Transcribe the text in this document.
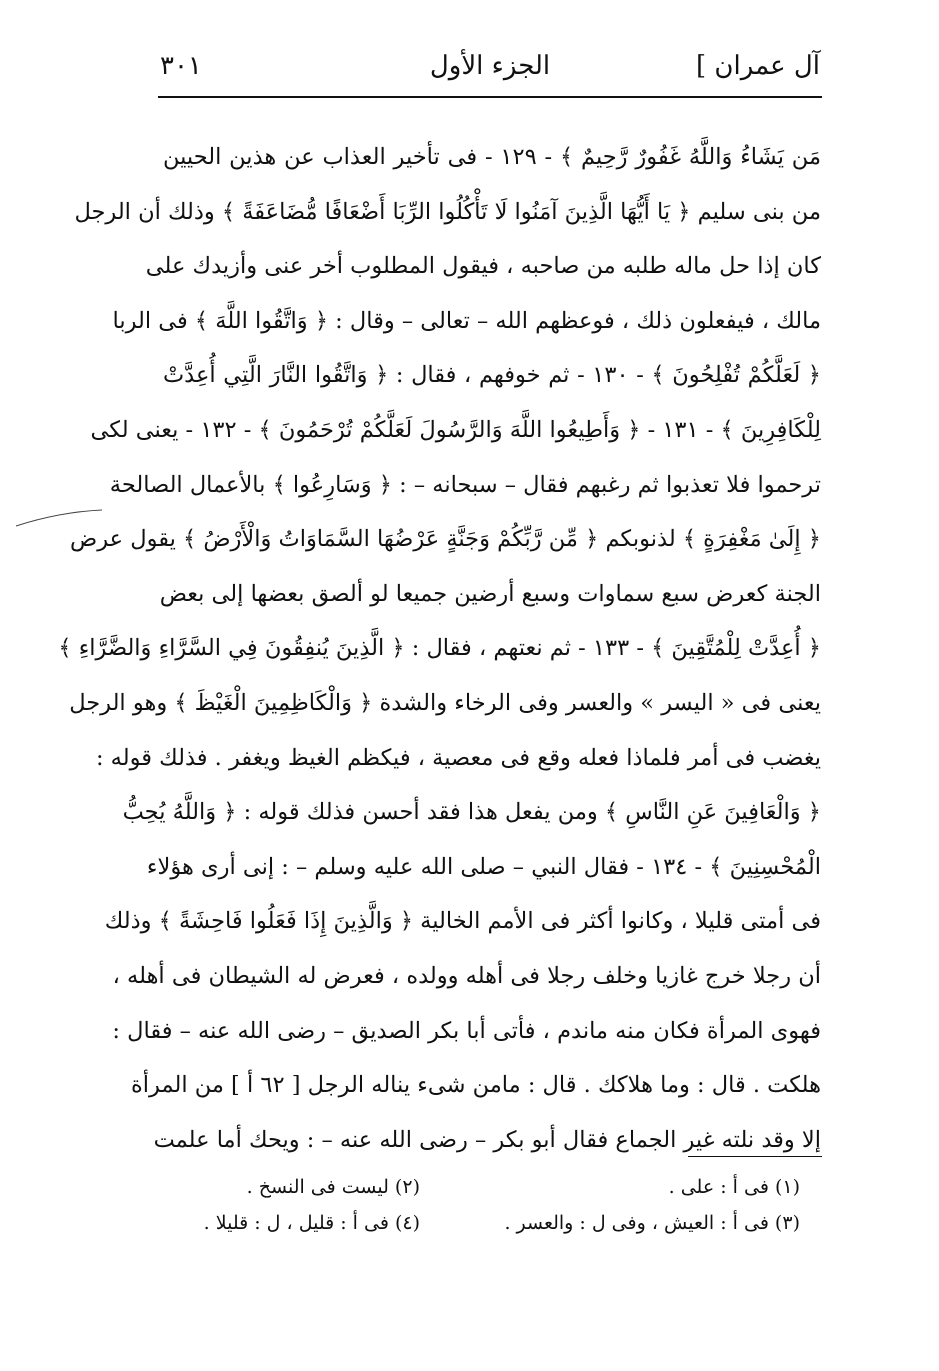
آل عمران ]
الجزء الأول
٣٠١
مَن يَشَاءُ وَاللَّهُ غَفُورٌ رَّحِيمٌ ﴾ - ١٢٩ - فى تأخير العذاب عن هذين الحيين
من بنى سليم ﴿ يَا أَيُّهَا الَّذِينَ آمَنُوا لَا تَأْكُلُوا الرِّبَا أَضْعَافًا مُّضَاعَفَةً ﴾ وذلك أن الرجل
كان إذا حل ماله طلبه من صاحبه ، فيقول المطلوب أخر عنى وأزيدك على
مالك ، فيفعلون ذلك ، فوعظهم الله – تعالى – وقال : ﴿ وَاتَّقُوا اللَّهَ ﴾ فى الربا
﴿ لَعَلَّكُمْ تُفْلِحُونَ ﴾ - ١٣٠ - ثم خوفهم ، فقال : ﴿ وَاتَّقُوا النَّارَ الَّتِي أُعِدَّتْ
لِلْكَافِرِينَ ﴾ - ١٣١ - ﴿ وَأَطِيعُوا اللَّهَ وَالرَّسُولَ لَعَلَّكُمْ تُرْحَمُونَ ﴾ - ١٣٢ - يعنى لكى
ترحموا فلا تعذبوا ثم رغبهم فقال – سبحانه – : ﴿ وَسَارِعُوا ﴾ بالأعمال الصالحة
﴿ إِلَىٰ مَغْفِرَةٍ ﴾ لذنوبكم ﴿ مِّن رَّبِّكُمْ وَجَنَّةٍ عَرْضُهَا السَّمَاوَاتُ وَالْأَرْضُ ﴾ يقول عرض
الجنة كعرض سبع سماوات وسبع أرضين جميعا لو ألصق بعضها إلى بعض
﴿ أُعِدَّتْ لِلْمُتَّقِينَ ﴾ - ١٣٣ - ثم نعتهم ، فقال : ﴿ الَّذِينَ يُنفِقُونَ فِي السَّرَّاءِ وَالضَّرَّاءِ ﴾
يعنى فى « اليسر » والعسر وفى الرخاء والشدة ﴿ وَالْكَاظِمِينَ الْغَيْظَ ﴾ وهو الرجل
يغضب فى أمر فلماذا فعله وقع فى معصية ، فيكظم الغيظ ويغفر . فذلك قوله :
﴿ وَالْعَافِينَ عَنِ النَّاسِ ﴾ ومن يفعل هذا فقد أحسن فذلك قوله : ﴿ وَاللَّهُ يُحِبُّ
الْمُحْسِنِينَ ﴾ - ١٣٤ - فقال النبي – صلى الله عليه وسلم – : إنى أرى هؤلاء
فى أمتى قليلا ، وكانوا أكثر فى الأمم الخالية ﴿ وَالَّذِينَ إِذَا فَعَلُوا فَاحِشَةً ﴾ وذلك
أن رجلا خرج غازيا وخلف رجلا فى أهله وولده ، فعرض له الشيطان فى أهله ،
فهوى المرأة فكان منه ماندم ، فأتى أبا بكر الصديق – رضى الله عنه – فقال :
هلكت . قال : وما هلاكك . قال : مامن شىء يناله الرجل [ ٦٢ أ ] من المرأة
إلا وقد نلته غير الجماع فقال أبو بكر – رضى الله عنه – : ويحك أما علمت
(١) فى أ : على .
(٢) ليست فى النسخ .
(٣) فى أ : العيش ، وفى ل : والعسر .
(٤) فى أ : قليل ، ل : قليلا .
